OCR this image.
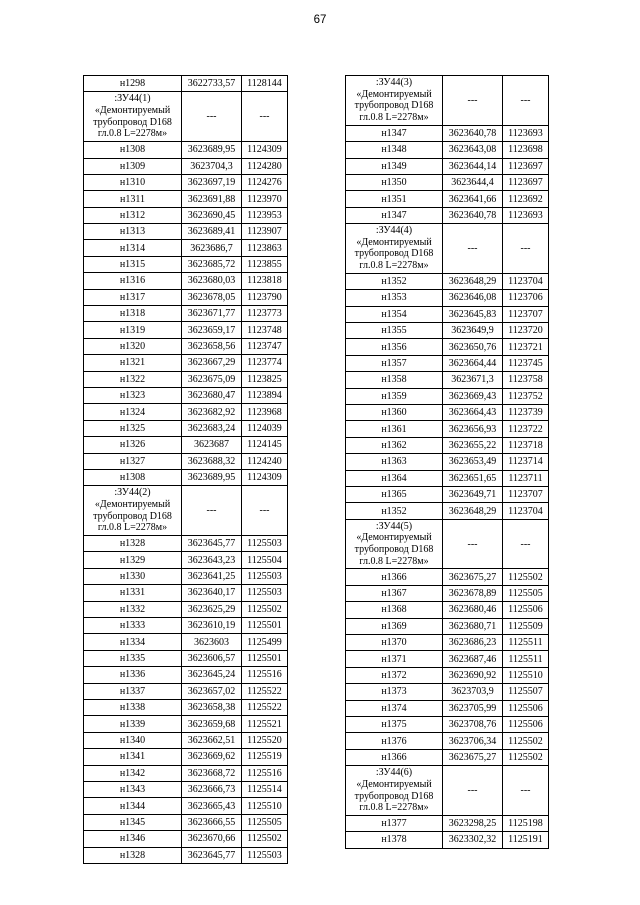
67
н1298	3622733,57	1128144
:ЗУ44(1) «Демонтируемый трубопровод D168 гл.0.8 L=2278м»	---	---
н1308	3623689,95	1124309
н1309	3623704,3	1124280
н1310	3623697,19	1124276
н1311	3623691,88	1123970
н1312	3623690,45	1123953
н1313	3623689,41	1123907
н1314	3623686,7	1123863
н1315	3623685,72	1123855
н1316	3623680,03	1123818
н1317	3623678,05	1123790
н1318	3623671,77	1123773
н1319	3623659,17	1123748
н1320	3623658,56	1123747
н1321	3623667,29	1123774
н1322	3623675,09	1123825
н1323	3623680,47	1123894
н1324	3623682,92	1123968
н1325	3623683,24	1124039
н1326	3623687	1124145
н1327	3623688,32	1124240
н1308	3623689,95	1124309
:ЗУ44(2) «Демонтируемый трубопровод D168 гл.0.8 L=2278м»	---	---
н1328	3623645,77	1125503
н1329	3623643,23	1125504
н1330	3623641,25	1125503
н1331	3623640,17	1125503
н1332	3623625,29	1125502
н1333	3623610,19	1125501
н1334	3623603	1125499
н1335	3623606,57	1125501
н1336	3623645,24	1125516
н1337	3623657,02	1125522
н1338	3623658,38	1125522
н1339	3623659,68	1125521
н1340	3623662,51	1125520
н1341	3623669,62	1125519
н1342	3623668,72	1125516
н1343	3623666,73	1125514
н1344	3623665,43	1125510
н1345	3623666,55	1125505
н1346	3623670,66	1125502
н1328	3623645,77	1125503
:ЗУ44(3) «Демонтируемый трубопровод D168 гл.0.8 L=2278м»	---	---
н1347	3623640,78	1123693
н1348	3623643,08	1123698
н1349	3623644,14	1123697
н1350	3623644,4	1123697
н1351	3623641,66	1123692
н1347	3623640,78	1123693
:ЗУ44(4) «Демонтируемый трубопровод D168 гл.0.8 L=2278м»	---	---
н1352	3623648,29	1123704
н1353	3623646,08	1123706
н1354	3623645,83	1123707
н1355	3623649,9	1123720
н1356	3623650,76	1123721
н1357	3623664,44	1123745
н1358	3623671,3	1123758
н1359	3623669,43	1123752
н1360	3623664,43	1123739
н1361	3623656,93	1123722
н1362	3623655,22	1123718
н1363	3623653,49	1123714
н1364	3623651,65	1123711
н1365	3623649,71	1123707
н1352	3623648,29	1123704
:ЗУ44(5) «Демонтируемый трубопровод D168 гл.0.8 L=2278м»	---	---
н1366	3623675,27	1125502
н1367	3623678,89	1125505
н1368	3623680,46	1125506
н1369	3623680,71	1125509
н1370	3623686,23	1125511
н1371	3623687,46	1125511
н1372	3623690,92	1125510
н1373	3623703,9	1125507
н1374	3623705,99	1125506
н1375	3623708,76	1125506
н1376	3623706,34	1125502
н1366	3623675,27	1125502
:ЗУ44(6) «Демонтируемый трубопровод D168 гл.0.8 L=2278м»	---	---
н1377	3623298,25	1125198
н1378	3623302,32	1125191
